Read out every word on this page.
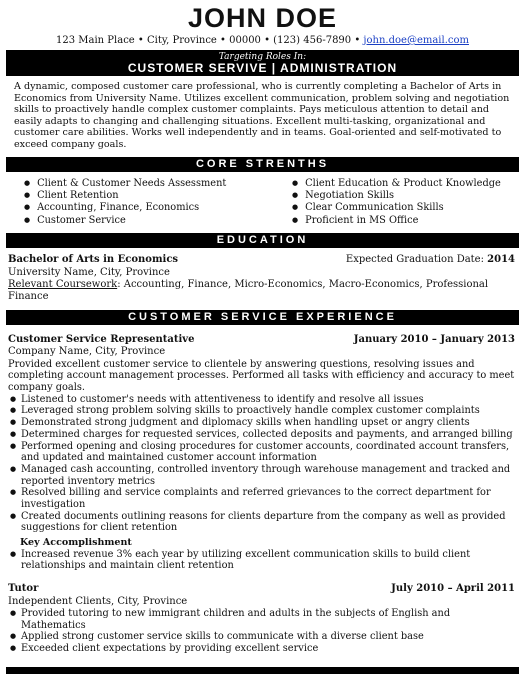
JOHN DOE
123 Main Place • City, Province • 00000 • (123) 456-7890 • john.doe@email.com
Targeting Roles In:
CUSTOMER SERVIVE | ADMINISTRATION
A dynamic, composed customer care professional, who is currently completing a Bachelor of Arts in Economics from University Name. Utilizes excellent communication, problem solving and negotiation skills to proactively handle complex customer complaints. Pays meticulous attention to detail and easily adapts to changing and challenging situations. Excellent multi-tasking, organizational and customer care abilities. Works well independently and in teams. Goal-oriented and self-motivated to exceed company goals.
CORE STRENTHS
● Client & Customer Needs Assessment
● Client Retention
● Accounting, Finance, Economics
● Customer Service
● Client Education & Product Knowledge
● Negotiation Skills
● Clear Communication Skills
● Proficient in MS Office
EDUCATION
Bachelor of Arts in Economics	Expected Graduation Date: 2014
University Name, City, Province
Relevant Coursework: Accounting, Finance, Micro-Economics, Macro-Economics, Professional Finance
CUSTOMER SERVICE EXPERIENCE
Customer Service Representative	January 2010 – January 2013
Company Name, City, Province
Provided excellent customer service to clientele by answering questions, resolving issues and completing account management processes. Performed all tasks with efficiency and accuracy to meet company goals.
● Listened to customer's needs with attentiveness to identify and resolve all issues
● Leveraged strong problem solving skills to proactively handle complex customer complaints
● Demonstrated strong judgment and diplomacy skills when handling upset or angry clients
● Determined charges for requested services, collected deposits and payments, and arranged billing
● Performed opening and closing procedures for customer accounts, coordinated account transfers, and updated and maintained customer account information
● Managed cash accounting, controlled inventory through warehouse management and tracked and reported inventory metrics
● Resolved billing and service complaints and referred grievances to the correct department for investigation
● Created documents outlining reasons for clients departure from the company as well as provided suggestions for client retention
Key Accomplishment
● Increased revenue 3% each year by utilizing excellent communication skills to build client relationships and maintain client retention
Tutor	July 2010 – April 2011
Independent Clients, City, Province
● Provided tutoring to new immigrant children and adults in the subjects of English and Mathematics
● Applied strong customer service skills to communicate with a diverse client base
● Exceeded client expectations by providing excellent service
